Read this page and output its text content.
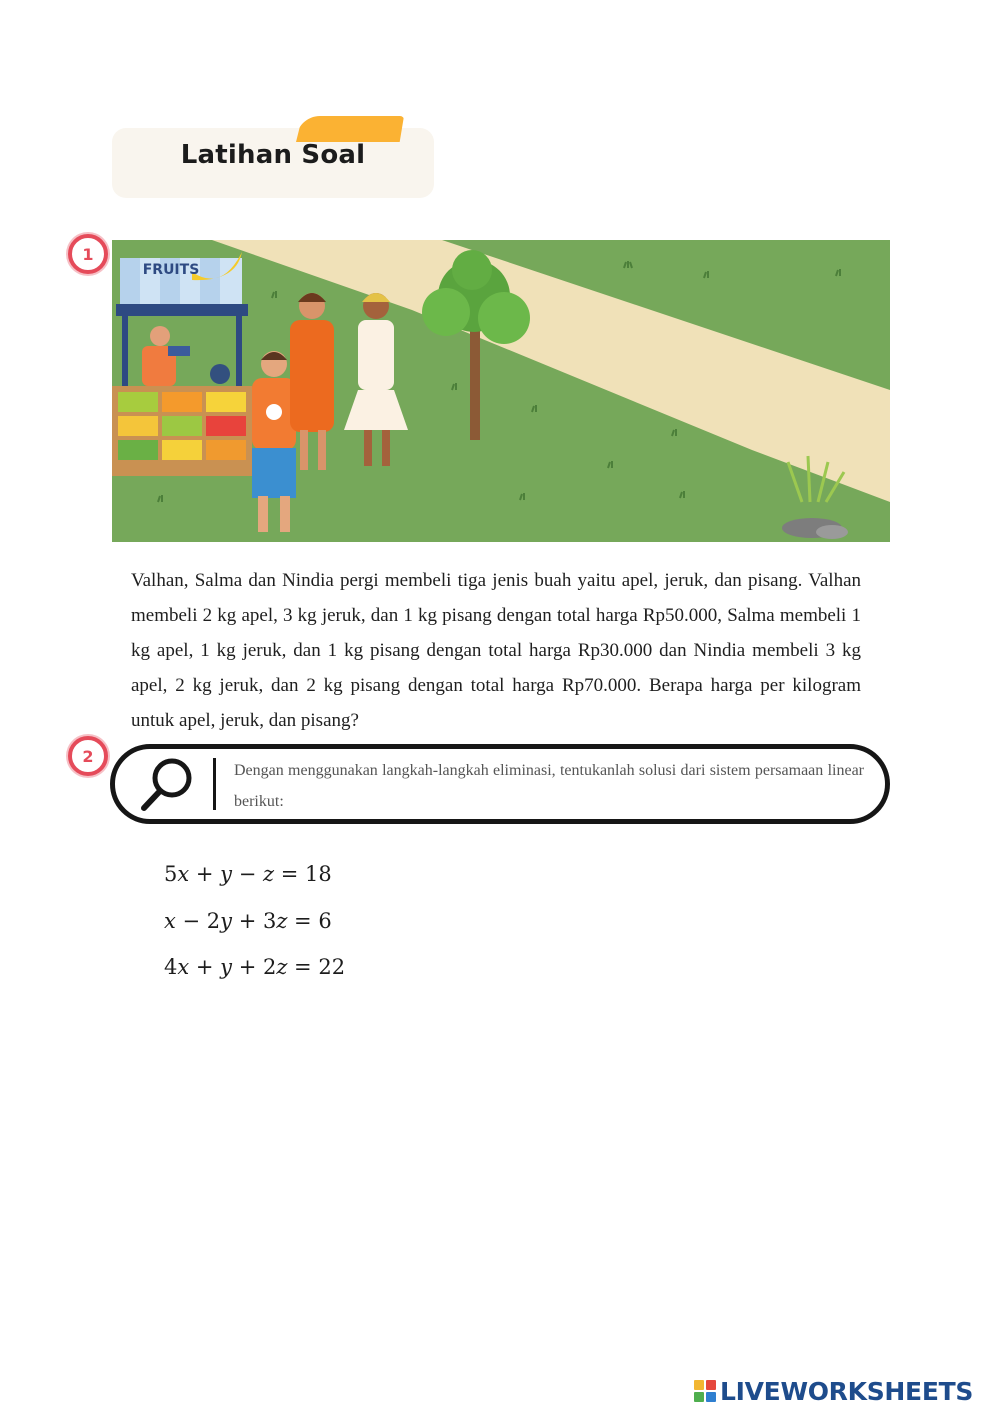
Latihan Soal
1
FRUITS

Valhan, Salma dan Nindia pergi membeli tiga jenis buah yaitu apel, jeruk, dan pisang. Valhan membeli 2 kg apel, 3 kg jeruk, dan 1 kg pisang dengan total harga Rp50.000, Salma membeli 1 kg apel, 1 kg jeruk, dan 1 kg pisang dengan total harga Rp30.000 dan Nindia membeli 3 kg apel, 2 kg jeruk, dan 2 kg pisang dengan total harga Rp70.000. Berapa harga per kilogram untuk apel, jeruk, dan pisang?

2

Dengan menggunakan langkah-langkah eliminasi, tentukanlah solusi dari sistem persamaan linear berikut:

5𝑥 + 𝑦 − 𝑧 = 18
𝑥 − 2𝑦 + 3𝑧 = 6
4𝑥 + 𝑦 + 2𝑧 = 22
LIVEWORKSHEETS
